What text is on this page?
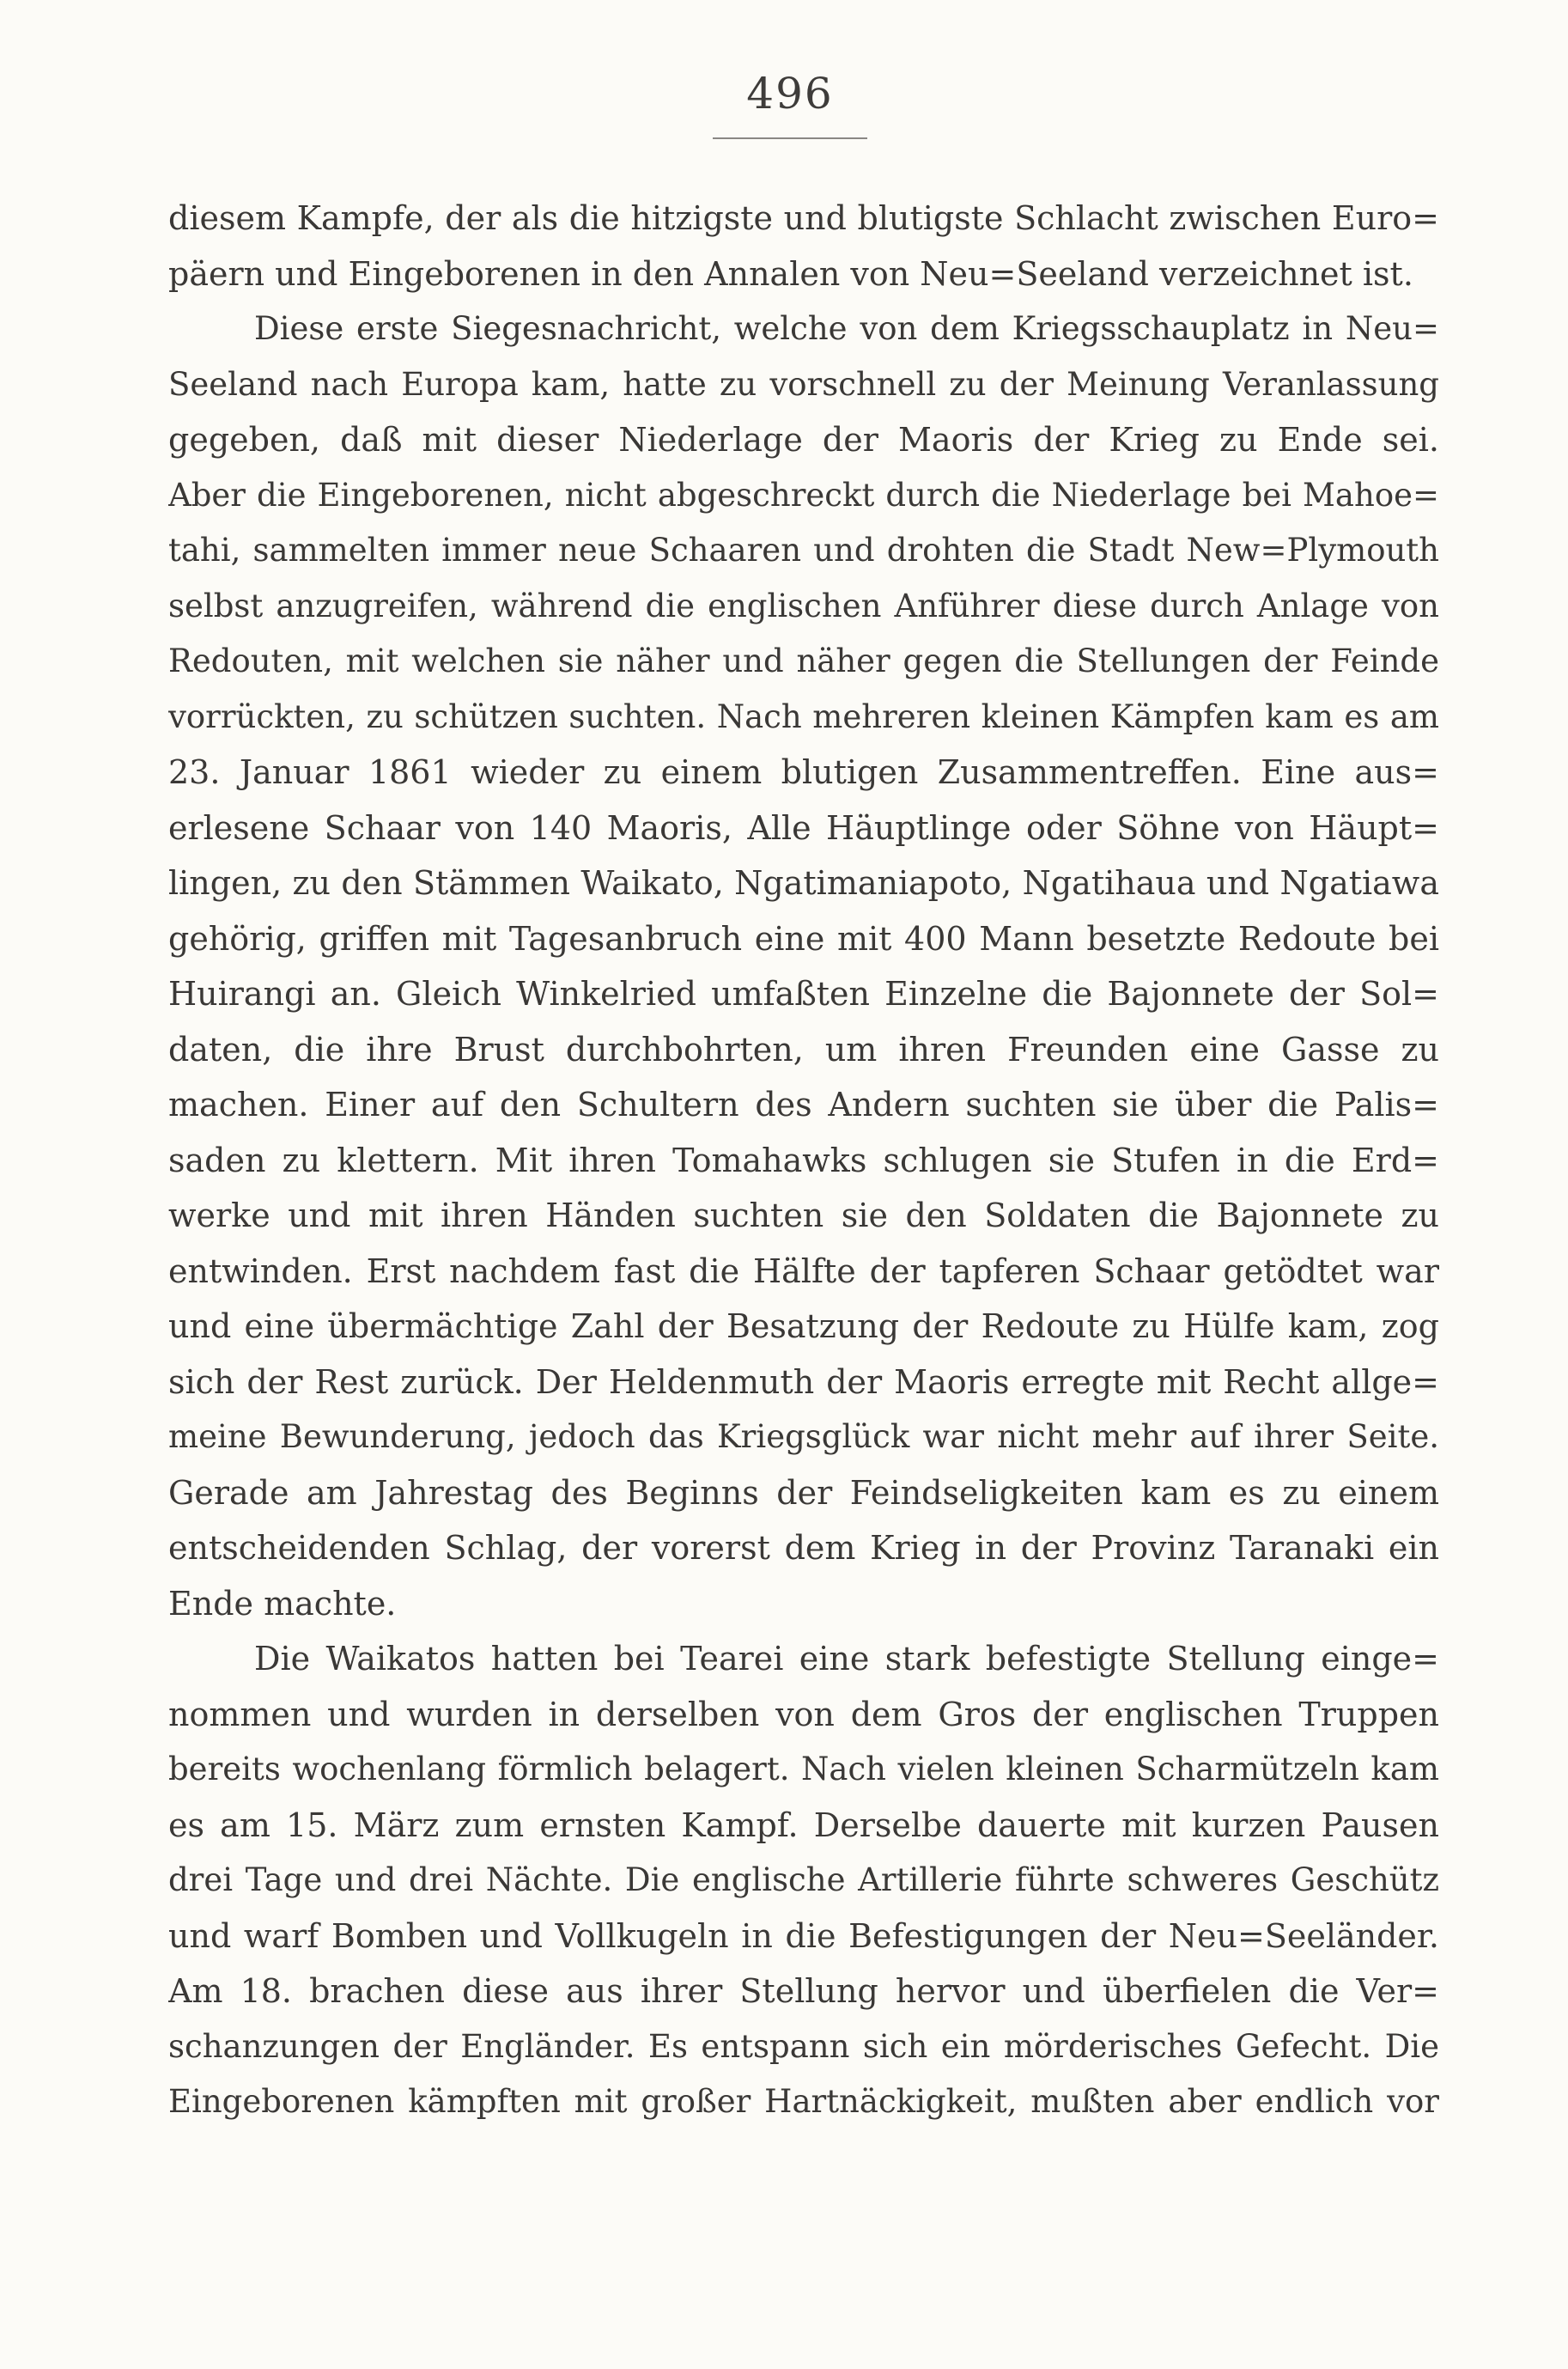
496
diesem Kampfe, der als die hitzigste und blutigste Schlacht zwischen Euro=
päern und Eingeborenen in den Annalen von Neu=Seeland verzeichnet ist.
Diese erste Siegesnachricht, welche von dem Kriegsschauplatz in Neu=
Seeland nach Europa kam, hatte zu vorschnell zu der Meinung Veranlassung
gegeben, daß mit dieser Niederlage der Maoris der Krieg zu Ende sei.
Aber die Eingeborenen, nicht abgeschreckt durch die Niederlage bei Mahoe=
tahi, sammelten immer neue Schaaren und drohten die Stadt New=Plymouth
selbst anzugreifen, während die englischen Anführer diese durch Anlage von
Redouten, mit welchen sie näher und näher gegen die Stellungen der Feinde
vorrückten, zu schützen suchten. Nach mehreren kleinen Kämpfen kam es am
23. Januar 1861 wieder zu einem blutigen Zusammentreffen. Eine aus=
erlesene Schaar von 140 Maoris, Alle Häuptlinge oder Söhne von Häupt=
lingen, zu den Stämmen Waikato, Ngatimaniapoto, Ngatihaua und Ngatiawa
gehörig, griffen mit Tagesanbruch eine mit 400 Mann besetzte Redoute bei
Huirangi an. Gleich Winkelried umfaßten Einzelne die Bajonnete der Sol=
daten, die ihre Brust durchbohrten, um ihren Freunden eine Gasse zu
machen. Einer auf den Schultern des Andern suchten sie über die Palis=
saden zu klettern. Mit ihren Tomahawks schlugen sie Stufen in die Erd=
werke und mit ihren Händen suchten sie den Soldaten die Bajonnete zu
entwinden. Erst nachdem fast die Hälfte der tapferen Schaar getödtet war
und eine übermächtige Zahl der Besatzung der Redoute zu Hülfe kam, zog
sich der Rest zurück. Der Heldenmuth der Maoris erregte mit Recht allge=
meine Bewunderung, jedoch das Kriegsglück war nicht mehr auf ihrer Seite.
Gerade am Jahrestag des Beginns der Feindseligkeiten kam es zu einem
entscheidenden Schlag, der vorerst dem Krieg in der Provinz Taranaki ein
Ende machte.
Die Waikatos hatten bei Tearei eine stark befestigte Stellung einge=
nommen und wurden in derselben von dem Gros der englischen Truppen
bereits wochenlang förmlich belagert. Nach vielen kleinen Scharmützeln kam
es am 15. März zum ernsten Kampf. Derselbe dauerte mit kurzen Pausen
drei Tage und drei Nächte. Die englische Artillerie führte schweres Geschütz
und warf Bomben und Vollkugeln in die Befestigungen der Neu=Seeländer.
Am 18. brachen diese aus ihrer Stellung hervor und überfielen die Ver=
schanzungen der Engländer. Es entspann sich ein mörderisches Gefecht. Die
Eingeborenen kämpften mit großer Hartnäckigkeit, mußten aber endlich vor
